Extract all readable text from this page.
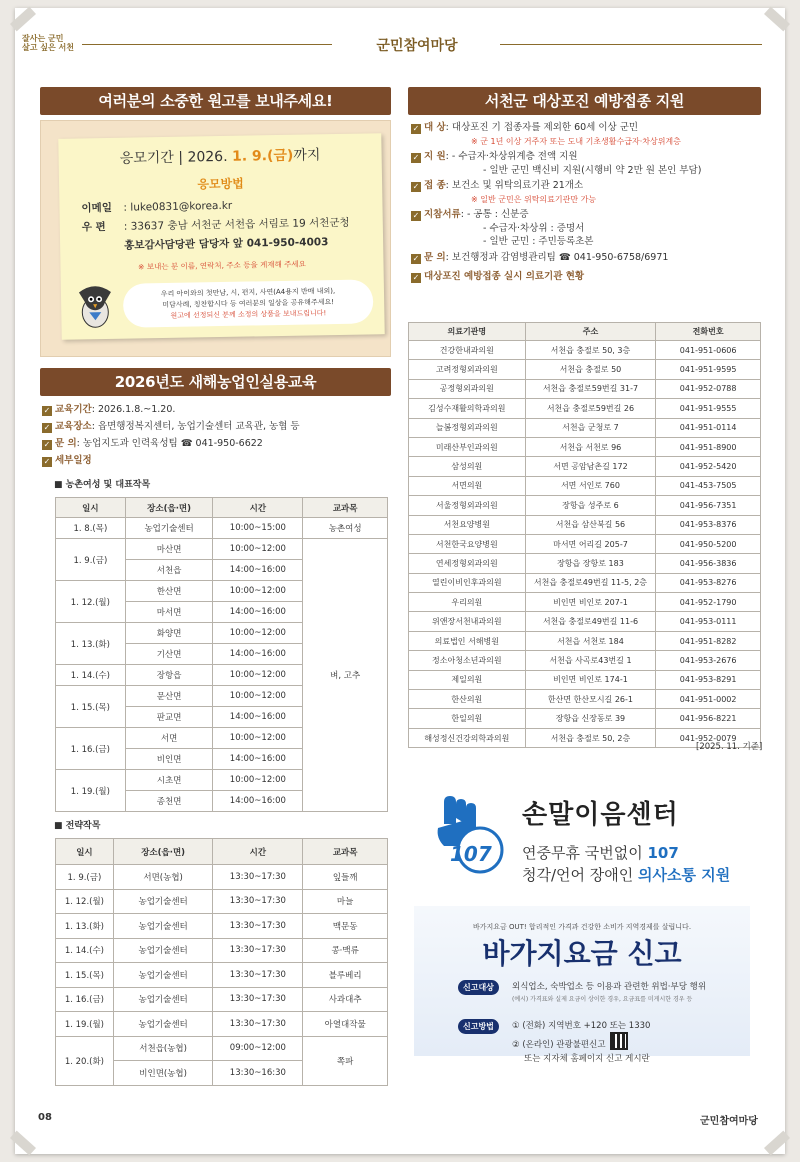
잘사는 군민
살고 싶은 서천	군민참여마당
여러분의 소중한 원고를 보내주세요!
응모기간 | 2026. 1. 9.(금)까지
응모방법
이메일 : luke0831@korea.kr
우 편 : 33637 충남 서천군 서천읍 서림로 19 서천군청
홍보감사담당관 담당자 앞 041-950-4003
※ 보내는 분 이름, 연락처, 주소 등을 게재해 주세요
우리 아이와의 첫만남, 시, 편지, 사연(A4용지 반매 내외),
미담사례, 칭찬합시다 등 여러분의 일상을 공유해주세요!
원고에 선정되신 분께 소정의 상품을 보내드립니다!
2026년도 새해농업인실용교육
✓ 교육기간: 2026.1.8.~1.20.
✓ 교육장소: 읍면행정복지센터, 농업기술센터 교육관, 농협 등
✓ 문 의: 농업지도과 인력육성팀 ☎ 041-950-6622
✓ 세부일정
■ 농촌여성 및 대표작목
일시	장소(읍·면)	시간	교과목
1. 8.(목)	농업기술센터	10:00~15:00	농촌여성
1. 9.(금)	마산면	10:00~12:00	벼, 고추
	서천읍	14:00~16:00	
1. 12.(월)	한산면	10:00~12:00	
	마서면	14:00~16:00	
1. 13.(화)	화양면	10:00~12:00	
	기산면	14:00~16:00	
1. 14.(수)	장항읍	10:00~12:00	
1. 15.(목)	문산면	10:00~12:00	
	판교면	14:00~16:00	
1. 16.(금)	서면	10:00~12:00	
	비인면	14:00~16:00	
1. 19.(월)	시초면	10:00~12:00	
	종천면	14:00~16:00	
■ 전략작목
일시	장소(읍·면)	시간	교과목
1. 9.(금)	서면(농협)	13:30~17:30	잎들깨
1. 12.(월)	농업기술센터	13:30~17:30	마늘
1. 13.(화)	농업기술센터	13:30~17:30	맥문동
1. 14.(수)	농업기술센터	13:30~17:30	콩·맥류
1. 15.(목)	농업기술센터	13:30~17:30	블루베리
1. 16.(금)	농업기술센터	13:30~17:30	사과대추
1. 19.(월)	농업기술센터	13:30~17:30	아열대작물
1. 20.(화)	서천읍(농협)	09:00~12:00	쪽파
	비인면(농협)	13:30~16:30	
서천군 대상포진 예방접종 지원
✓ 대 상: 대상포진 기 접종자를 제외한 60세 이상 군민
※ 군 1년 이상 거주자 또는 도내 기초생활수급자·차상위계층
✓ 지 원: - 수급자·차상위계층 전액 지원
- 일반 군민 백신비 지원(시행비 약 2만 원 본인 부담)
✓ 접 종: 보건소 및 위탁의료기관 21개소
※ 일반 군민은 위탁의료기관만 가능
✓ 지참서류: - 공통 : 신분증
- 수급자·차상위 : 증명서
- 일반 군민 : 주민등록초본
✓ 문 의: 보건행정과 감염병관리팀 ☎ 041-950-6758/6971
✓ 대상포진 예방접종 실시 의료기관 현황
의료기관명	주소	전화번호
건강한내과의원	서천읍 충절로 50, 3층	041-951-0606
고려정형외과의원	서천읍 충절로 50	041-951-9595
공정형외과의원	서천읍 충절로59번길 31-7	041-952-0788
김성수재활의학과의원	서천읍 충절로59번길 26	041-951-9555
늘봄정형외과의원	서천읍 군청로 7	041-951-0114
미래산부인과의원	서천읍 서천로 96	041-951-8900
삼성의원	서면 공암남촌길 172	041-952-5420
서면의원	서면 서인로 760	041-453-7505
서울정형외과의원	장항읍 성주로 6	041-956-7351
서천요양병원	서천읍 삼산북길 56	041-953-8376
서천한국요양병원	마서면 어리길 205-7	041-950-5200
연세정형외과의원	장항읍 장항로 183	041-956-3836
열린이비인후과의원	서천읍 충절로49번길 11-5, 2층	041-953-8276
우리의원	비인면 비인로 207-1	041-952-1790
위앤장서천내과의원	서천읍 충절로49번길 11-6	041-953-0111
의료법인 서해병원	서천읍 서천로 184	041-951-8282
정소아청소년과의원	서천읍 사곡로43번길 1	041-953-2676
제일의원	비인면 비인로 174-1	041-953-8291
한산의원	한산면 한산모시길 26-1	041-951-0002
한일의원	장항읍 신장동로 39	041-956-8221
해성정신건강의학과의원	서천읍 충절로 50, 2층	041-952-0079
[2025. 11. 기준]
107
손말이음센터
연중무휴 국번없이 107
청각/언어 장애인 의사소통 지원
바가지요금 OUT! 합리적인 가격과 건강한 소비가 지역경제를 살립니다.
바가지요금 신고
신고대상	외식업소, 숙박업소 등 이용과 관련한 위법·부당 행위
(예시) 가격표와 실제 요금이 상이한 경우, 요금표를 미게시한 경우 등
신고방법	① (전화) 지역번호 +120 또는 1330
② (온라인) 관광불편신고
또는 지자체 홈페이지 신고 게시란
08	군민참여마당
